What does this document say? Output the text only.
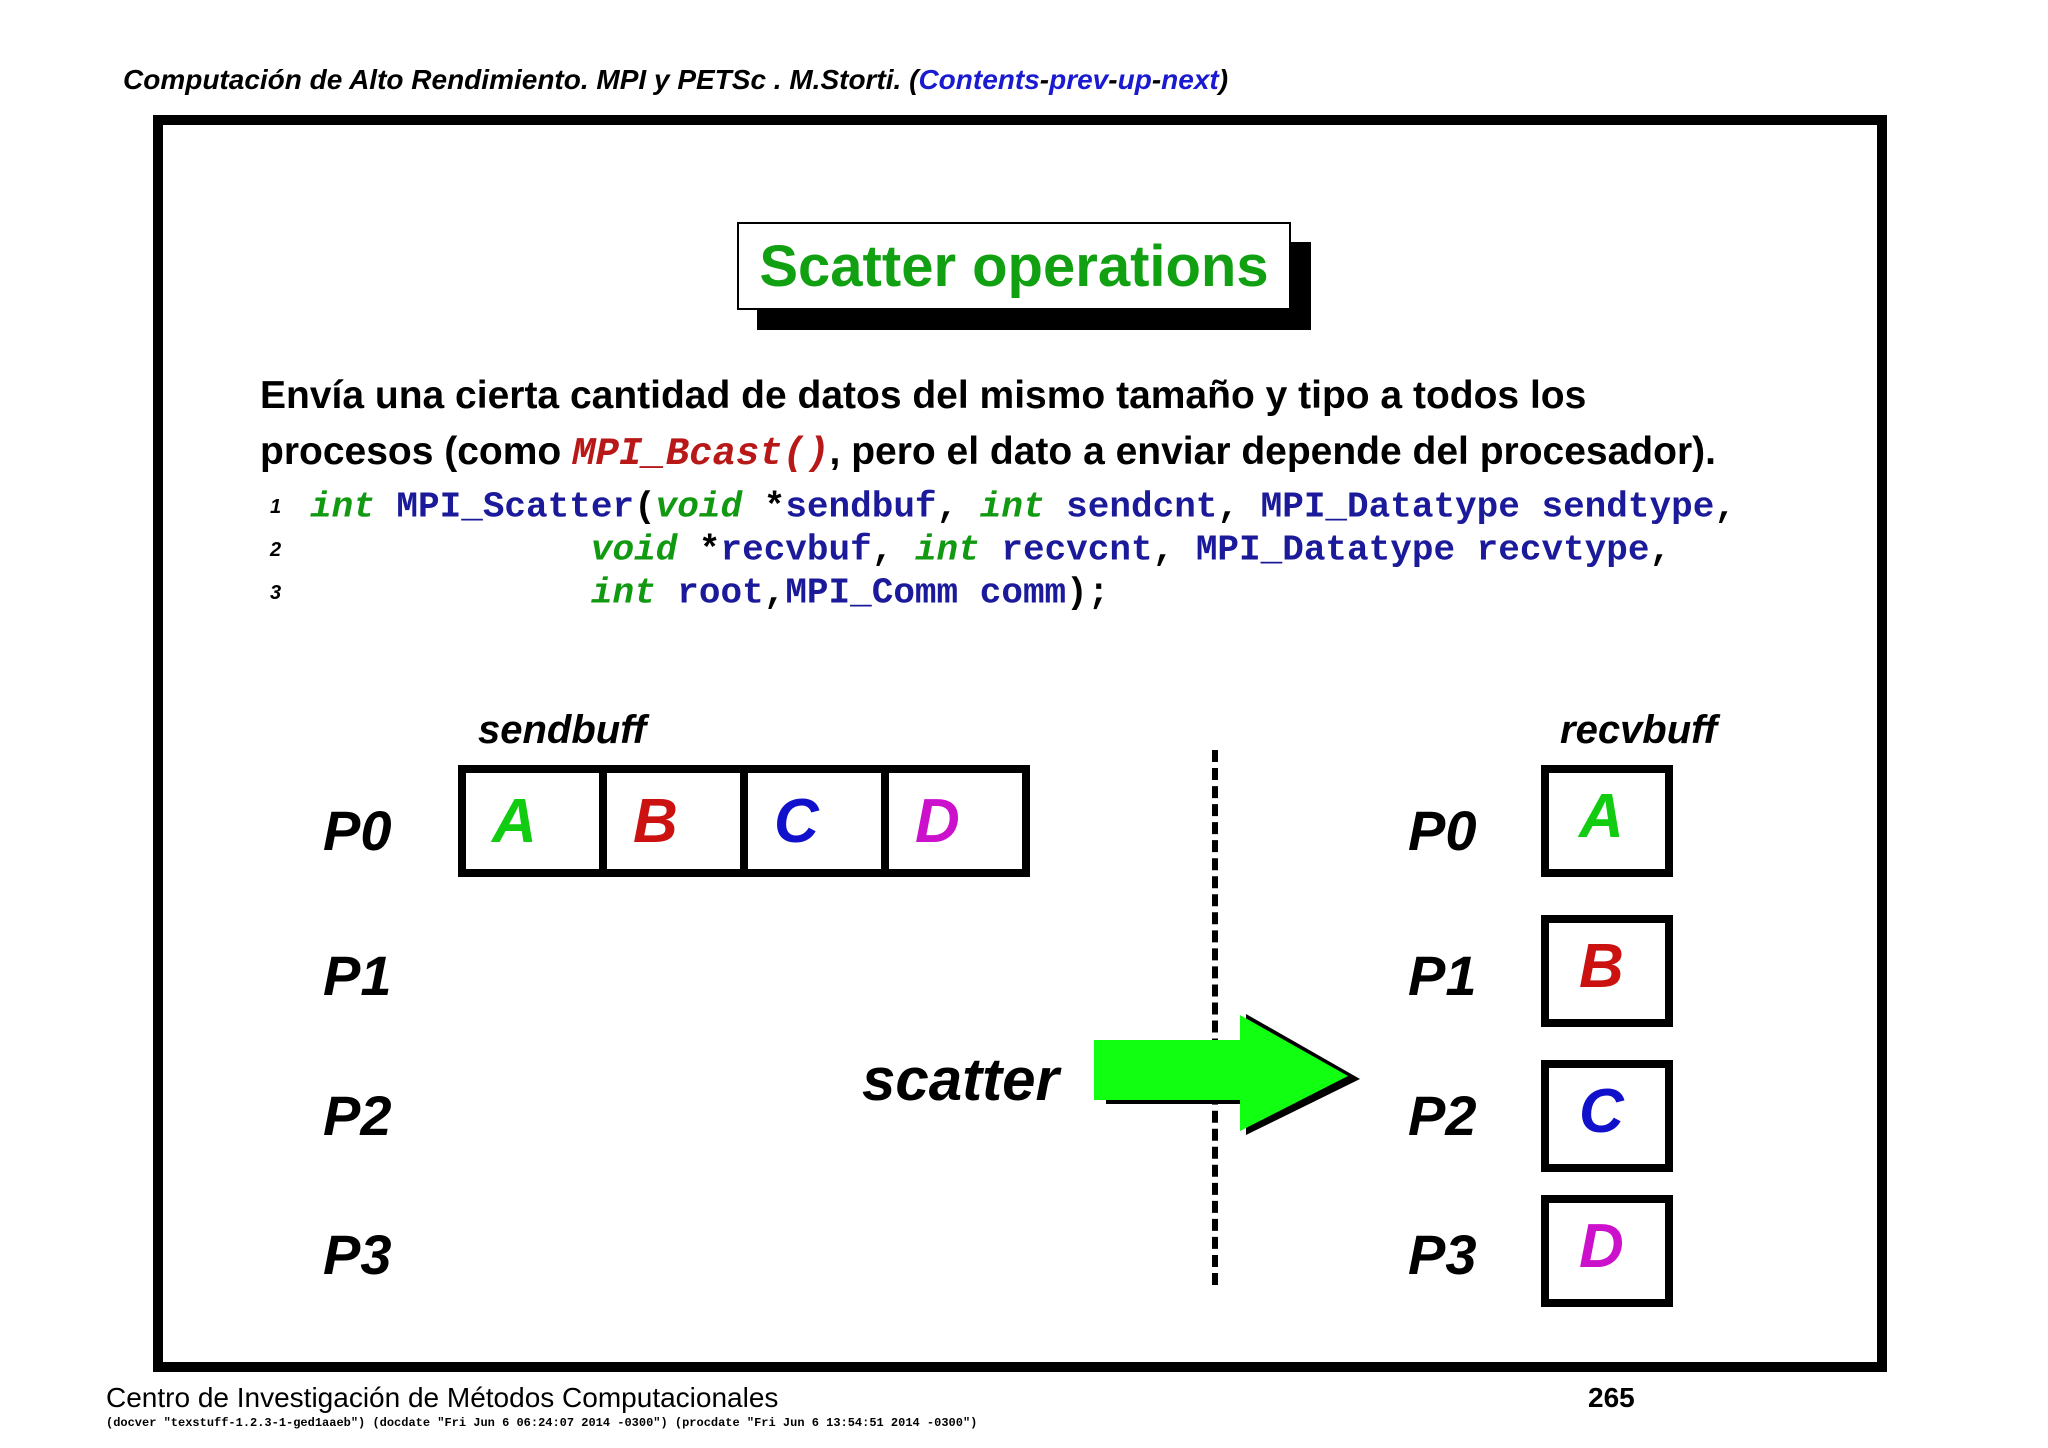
Computación de Alto Rendimiento. MPI y PETSc . M.Storti. (Contents-prev-up-next)
Scatter operations
Envía una cierta cantidad de datos del mismo tamaño y tipo a todos los
procesos (como MPI_Bcast(), pero el dato a enviar depende del procesador).
1 int MPI_Scatter(void *sendbuf, int sendcnt, MPI_Datatype sendtype,
2	void *recvbuf, int recvcnt, MPI_Datatype recvtype,
3	int root,MPI_Comm comm);
sendbuff	recvbuff
P0
P1
P2
P3
A	B	C	D
scatter
P0
P1
P2
P3
A
B
C
D
Centro de Investigación de Métodos Computacionales	265
(docver "texstuff-1.2.3-1-ged1aaeb") (docdate "Fri Jun 6 06:24:07 2014 -0300") (procdate "Fri Jun 6 13:54:51 2014 -0300")
